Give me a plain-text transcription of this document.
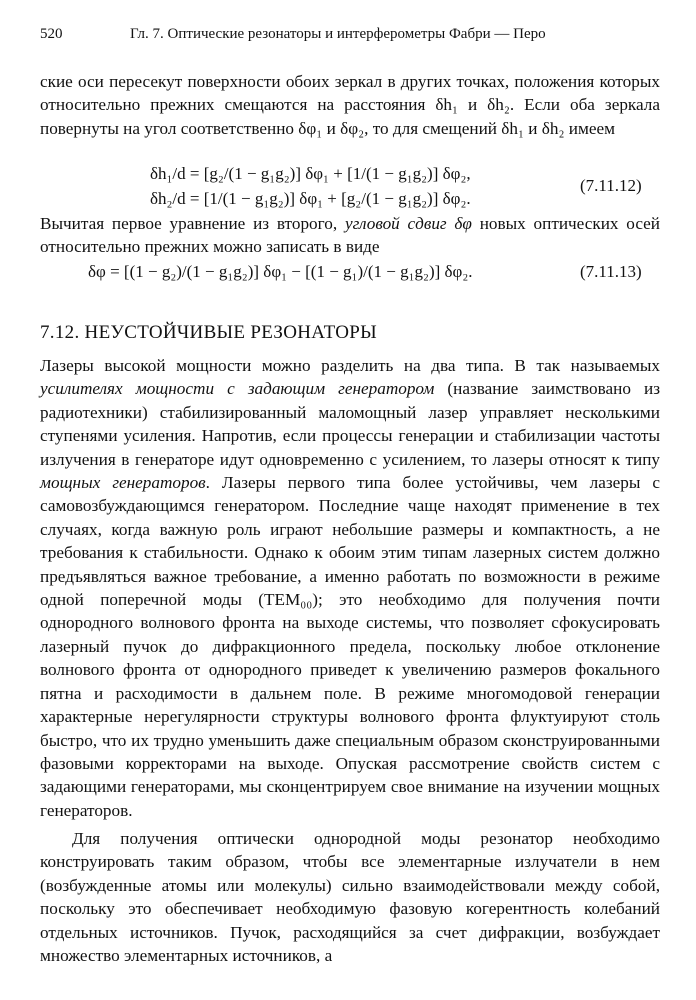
520	Гл. 7. Оптические резонаторы и интерферометры Фабри — Перо
ские оси пересекут поверхности обоих зеркал в других точках, положения которых относительно прежних смещаются на расстояния δh₁ и δh₂. Если оба зеркала повернуты на угол соответственно δφ₁ и δφ₂, то для смещений δh₁ и δh₂ имеем
δh₁/d = [g₂/(1 − g₁g₂)] δφ₁ + [1/(1 − g₁g₂)] δφ₂,
δh₂/d = [1/(1 − g₁g₂)] δφ₁ + [g₂/(1 − g₁g₂)] δφ₂.
(7.11.12)
Вычитая первое уравнение из второго, угловой сдвиг δφ новых оптических осей относительно прежних можно записать в виде
δφ = [(1 − g₂)/(1 − g₁g₂)] δφ₁ − [(1 − g₁)/(1 − g₁g₂)] δφ₂.	(7.11.13)
7.12. НЕУСТОЙЧИВЫЕ РЕЗОНАТОРЫ
Лазеры высокой мощности можно разделить на два типа. В так называемых усилителях мощности с задающим генератором (название заимствовано из радиотехники) стабилизированный маломощный лазер управляет несколькими ступенями усиления. Напротив, если процессы генерации и стабилизации частоты излучения в генераторе идут одновременно с усилением, то лазеры относят к типу мощных генераторов. Лазеры первого типа более устойчивы, чем лазеры с самовозбуждающимся генератором. Последние чаще находят применение в тех случаях, когда важную роль играют небольшие размеры и компактность, а не требования к стабильности. Однако к обоим этим типам лазерных систем должно предъявляться важное требование, а именно работать по возможности в режиме одной поперечной моды (TEM₀₀); это необходимо для получения почти однородного волнового фронта на выходе системы, что позволяет сфокусировать лазерный пучок до дифракционного предела, поскольку любое отклонение волнового фронта от однородного приведет к увеличению размеров фокального пятна и расходимости в дальнем поле. В режиме многомодовой генерации характерные нерегулярности структуры волнового фронта флуктуируют столь быстро, что их трудно уменьшить даже специальным образом сконструированными фазовыми корректорами на выходе. Опуская рассмотрение свойств систем с задающими генераторами, мы сконцентрируем свое внимание на изучении мощных генераторов.
Для получения оптически однородной моды резонатор необходимо конструировать таким образом, чтобы все элементарные излучатели в нем (возбужденные атомы или молекулы) сильно взаимодействовали между собой, поскольку это обеспечивает необходимую фазовую когерентность колебаний отдельных источников. Пучок, расходящийся за счет дифракции, возбуждает множество элементарных источников, а
